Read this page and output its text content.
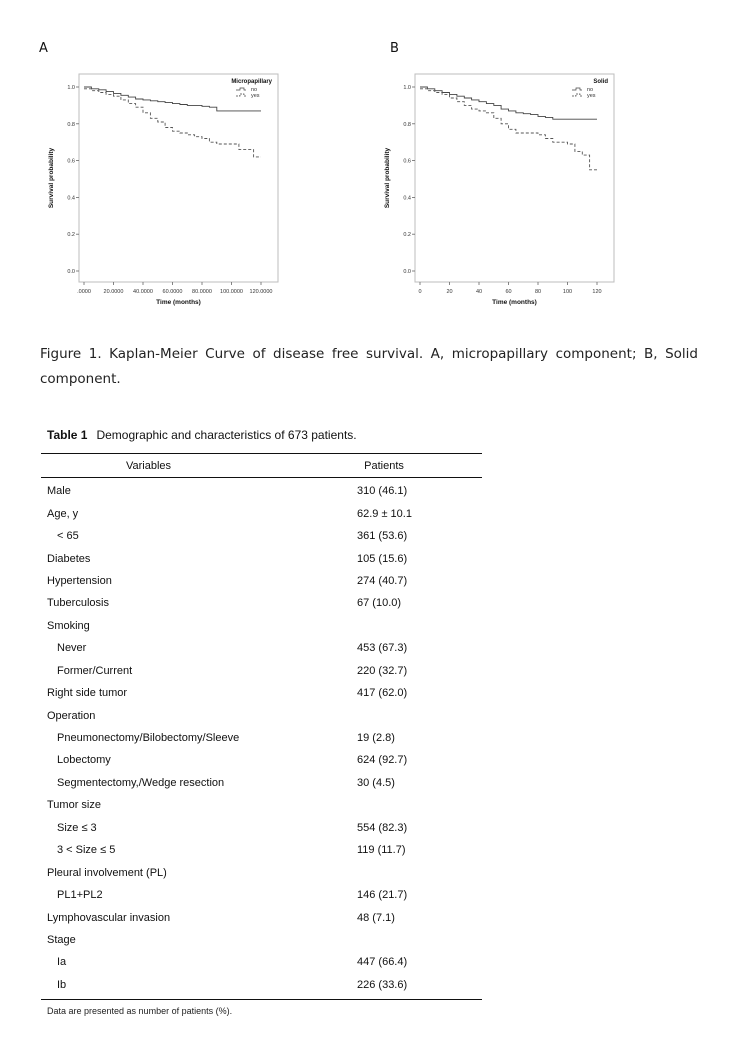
A	B
0.0
0.2
0.4
0.6
0.8
1.0
.0000 20.0000 40.0000 60.0000 80.0000 100.0000 120.0000
Time (months)
Survival probability
Micropapillary
no
yes
0.0
0.2
0.4
0.6
0.8
1.0
0	20	40	60	80	100	120
Time (months)
Survival probability
Solid
no
yes
Figure 1. Kaplan-Meier Curve of disease free survival. A, micropapillary component; B, Solid component.
Table 1 Demographic and characteristics of 673 patients.
Variables	Patients
Male	310 (46.1)
Age, y	62.9 ± 10.1
< 65	361 (53.6)
Diabetes	105 (15.6)
Hypertension	274 (40.7)
Tuberculosis	67 (10.0)
Smoking
Never	453 (67.3)
Former/Current	220 (32.7)
Right side tumor	417 (62.0)
Operation
Pneumonectomy/Bilobectomy/Sleeve	19 (2.8)
Lobectomy	624 (92.7)
Segmentectomy,/Wedge resection	30 (4.5)
Tumor size
Size ≤ 3	554 (82.3)
3 < Size ≤ 5	119 (11.7)
Pleural involvement (PL)
PL1+PL2	146 (21.7)
Lymphovascular invasion	48 (7.1)
Stage
Ia	447 (66.4)
Ib	226 (33.6)
Data are presented as number of patients (%).
